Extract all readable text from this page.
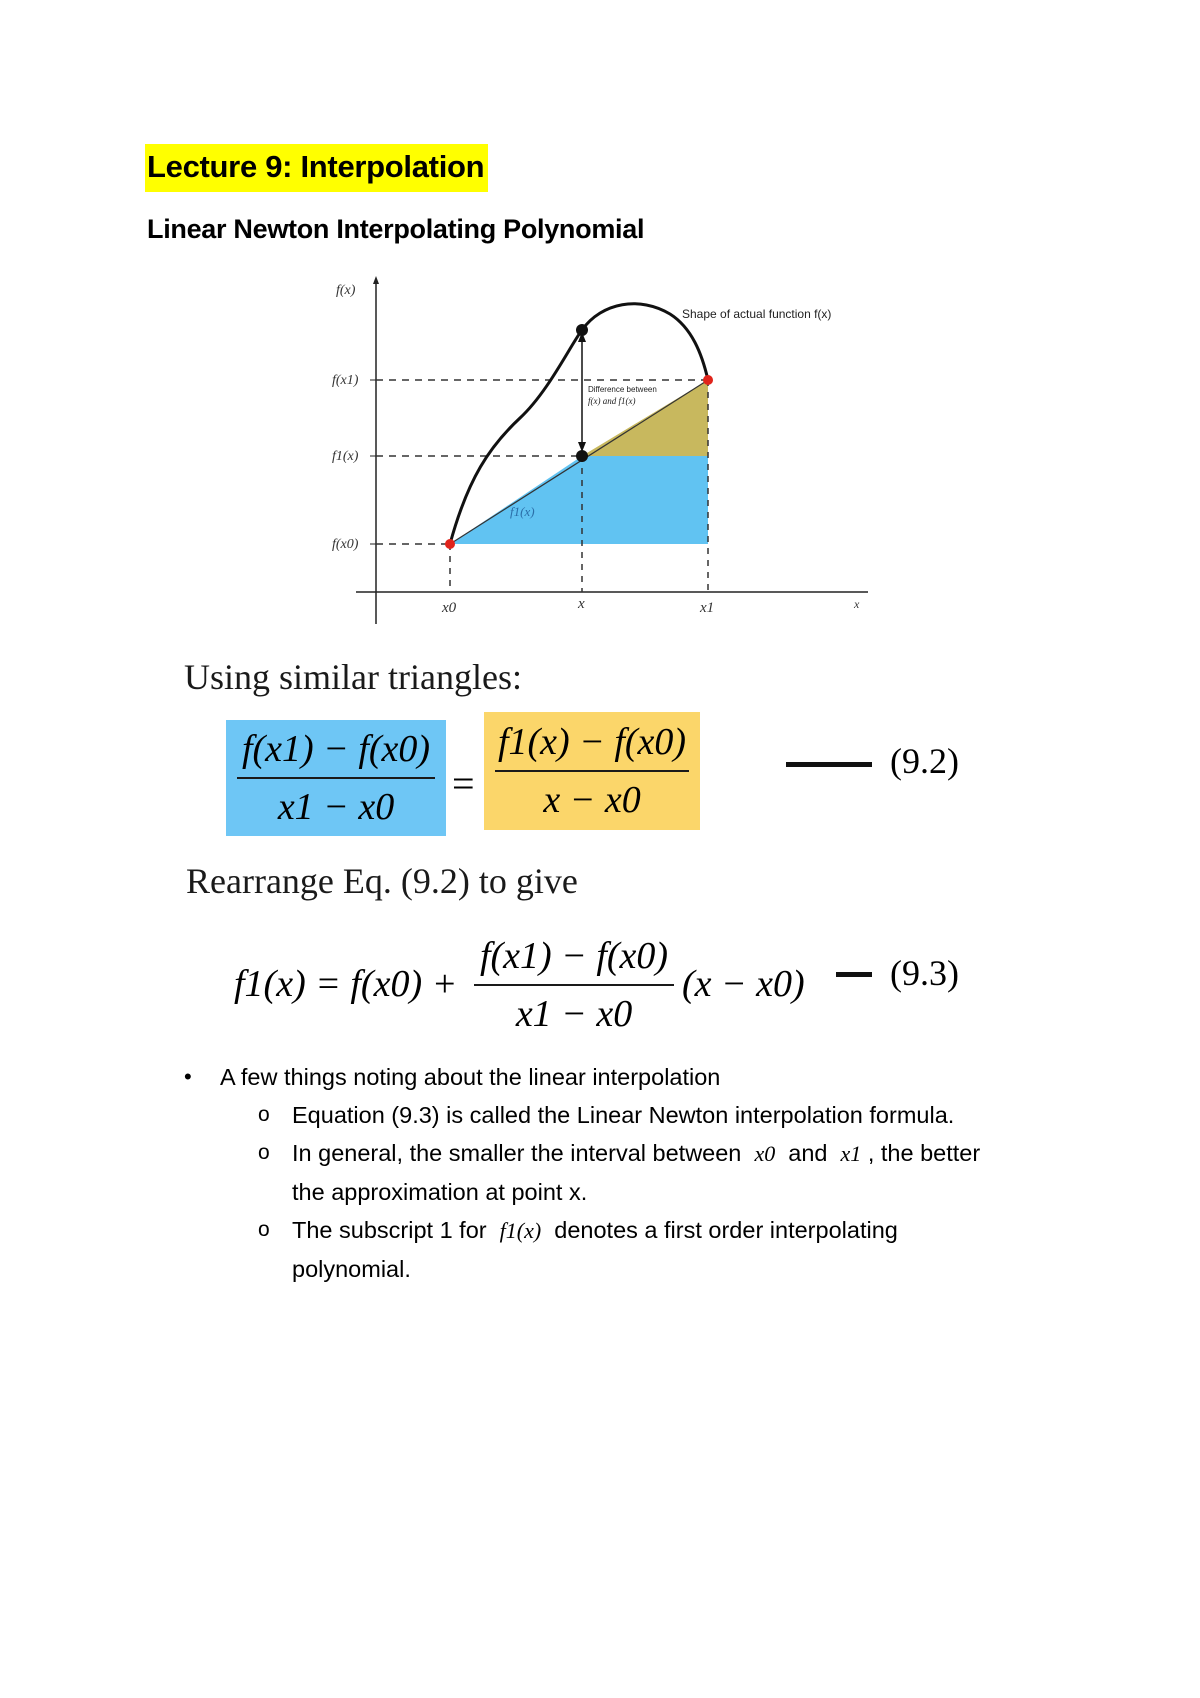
Lecture 9: Interpolation
Linear Newton Interpolating Polynomial
f(x)
f(x1)
f1(x)
f(x0)
x0	x	x1	x
Shape of actual function f(x)
Difference between
f(x) and f1(x)
f1(x)
Using similar triangles:
f(x1) − f(x0)
x1 − x0
=
f1(x) − f(x0)
x − x0
(9.2)
Rearrange Eq. (9.2) to give
f1(x) = f(x0) +
f(x1) − f(x0)
x1 − x0
(x − x0) (9.3)
• A few things noting about the linear interpolation
o Equation (9.3) is called the Linear Newton interpolation formula.
o In general, the smaller the interval between x0 and x1 , the better the approximation at point x.
o The subscript 1 for f1(x) denotes a first order interpolating polynomial.
